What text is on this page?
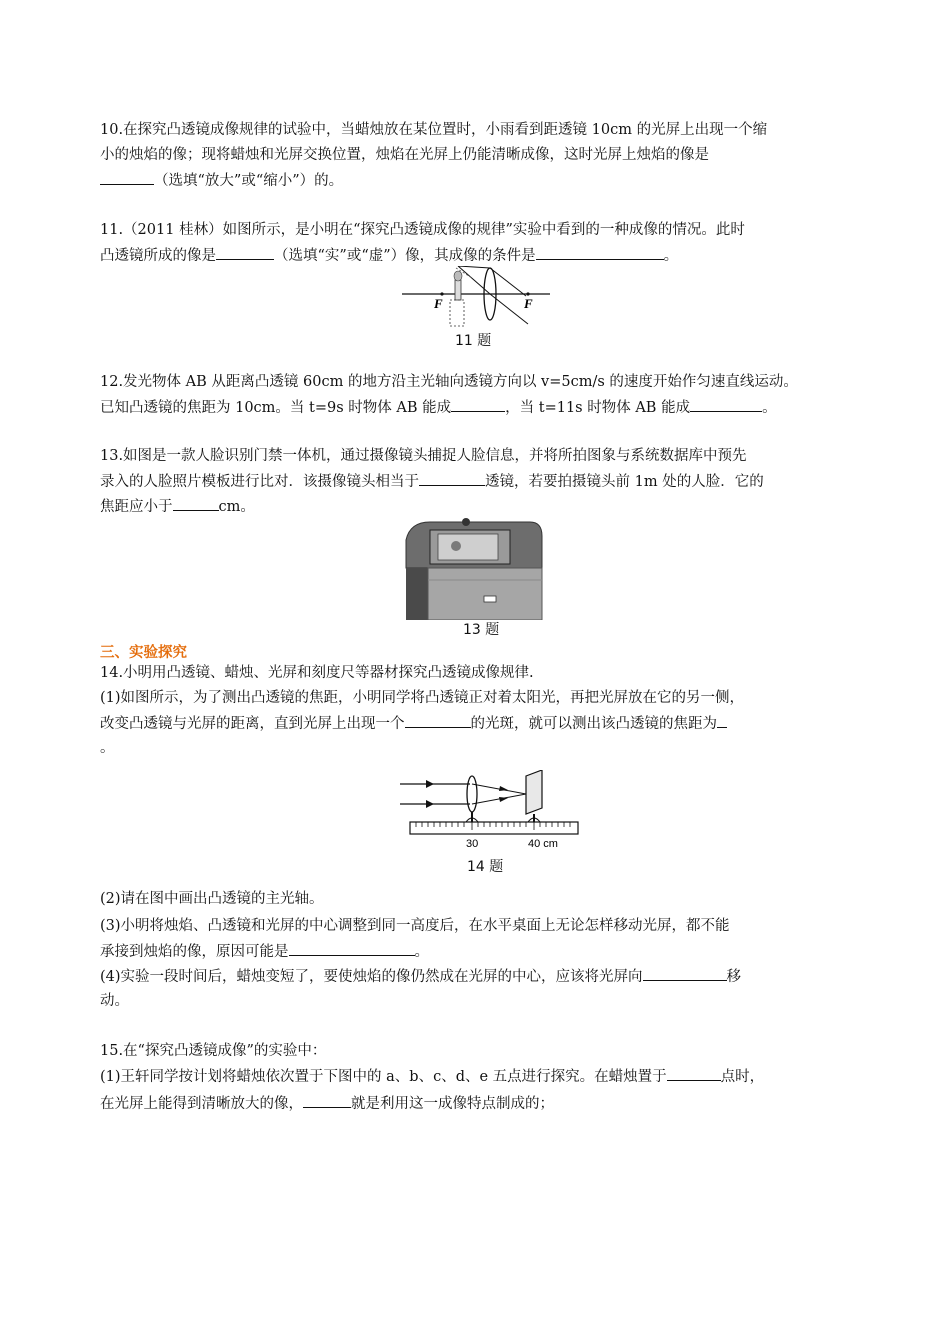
10.在探究凸透镜成像规律的试验中，当蜡烛放在某位置时，小雨看到距透镜 10cm 的光屏上出现一个缩
小的烛焰的像；现将蜡烛和光屏交换位置，烛焰在光屏上仍能清晰成像，这时光屏上烛焰的像是
（选填“放大”或“缩小”）的。
11.（2011 桂林）如图所示，是小明在“探究凸透镜成像的规律”实验中看到的一种成像的情况。此时
凸透镜所成的像是	（选填“实”或“虚”）像，其成像的条件是	。
F	F
11 题
12.发光物体 AB 从距离凸透镜 60cm 的地方沿主光轴向透镜方向以 v=5cm/s 的速度开始作匀速直线运动。
已知凸透镜的焦距为 10cm。当 t=9s 时物体 AB 能成	，当 t=11s 时物体 AB 能成	。
13.如图是一款人脸识别门禁一体机，通过摄像镜头捕捉人脸信息，并将所拍图象与系统数据库中预先
录入的人脸照片模板进行比对．该摄像镜头相当于	透镜，若要拍摄镜头前 1m 处的人脸．它的
焦距应小于	cm。
13 题
三、实验探究
14.小明用凸透镜、蜡烛、光屏和刻度尺等器材探究凸透镜成像规律.
(1)如图所示，为了测出凸透镜的焦距，小明同学将凸透镜正对着太阳光，再把光屏放在它的另一侧，
改变凸透镜与光屏的距离，直到光屏上出现一个	的光斑，就可以测出该凸透镜的焦距为
。
30	40 cm
14 题
(2)请在图中画出凸透镜的主光轴。
(3)小明将烛焰、凸透镜和光屏的中心调整到同一高度后，在水平桌面上无论怎样移动光屏，都不能
承接到烛焰的像，原因可能是	。
(4)实验一段时间后，蜡烛变短了，要使烛焰的像仍然成在光屏的中心，应该将光屏向	移
动。
15.在“探究凸透镜成像”的实验中：
(1)王轩同学按计划将蜡烛依次置于下图中的 a、b、c、d、e 五点进行探究。在蜡烛置于	点时，
在光屏上能得到清晰放大的像，	就是利用这一成像特点制成的；
